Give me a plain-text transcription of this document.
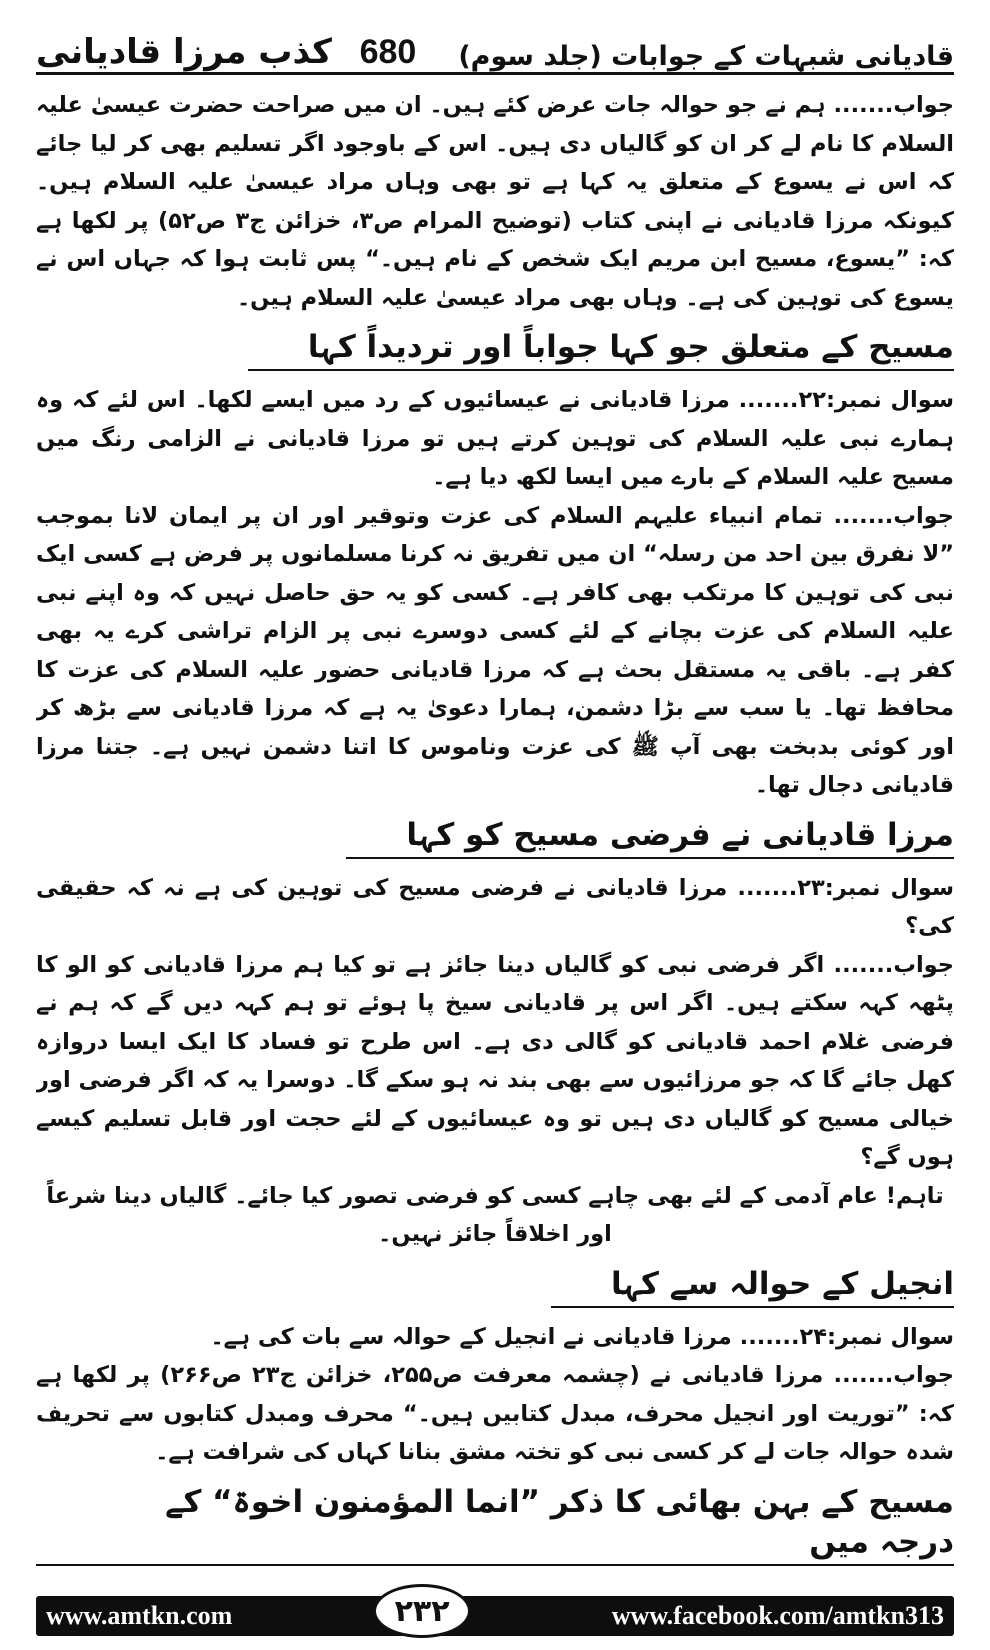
قادیانی شبہات کے جوابات (جلد سوم)
680
کذب مرزا قادیانی

جواب....... ہم نے جو حوالہ جات عرض کئے ہیں۔ ان میں صراحت حضرت عیسیٰ علیہ السلام کا نام لے کر ان کو گالیاں دی ہیں۔ اس کے باوجود اگر تسلیم بھی کر لیا جائے کہ اس نے یسوع کے متعلق یہ کہا ہے تو بھی وہاں مراد عیسیٰ علیہ السلام ہیں۔ کیونکہ مرزا قادیانی نے اپنی کتاب (توضیح المرام ص۳، خزائن ج۳ ص۵۲) پر لکھا ہے کہ: ”یسوع، مسیح ابن مریم ایک شخص کے نام ہیں۔“ پس ثابت ہوا کہ جہاں اس نے یسوع کی توہین کی ہے۔ وہاں بھی مراد عیسیٰ علیہ السلام ہیں۔

مسیح کے متعلق جو کہا جواباً اور تردیداً کہا

سوال نمبر:۲۲....... مرزا قادیانی نے عیسائیوں کے رد میں ایسے لکھا۔ اس لئے کہ وہ ہمارے نبی علیہ السلام کی توہین کرتے ہیں تو مرزا قادیانی نے الزامی رنگ میں مسیح علیہ السلام کے بارے میں ایسا لکھ دیا ہے۔

جواب....... تمام انبیاء علیہم السلام کی عزت وتوقیر اور ان پر ایمان لانا بموجب ”لا نفرق بین احد من رسلہ“ ان میں تفریق نہ کرنا مسلمانوں پر فرض ہے کسی ایک نبی کی توہین کا مرتکب بھی کافر ہے۔ کسی کو یہ حق حاصل نہیں کہ وہ اپنے نبی علیہ السلام کی عزت بچانے کے لئے کسی دوسرے نبی پر الزام تراشی کرے یہ بھی کفر ہے۔ باقی یہ مستقل بحث ہے کہ مرزا قادیانی حضور علیہ السلام کی عزت کا محافظ تھا۔ یا سب سے بڑا دشمن، ہمارا دعویٰ یہ ہے کہ مرزا قادیانی سے بڑھ کر اور کوئی بدبخت بھی آپ ﷺ کی عزت وناموس کا اتنا دشمن نہیں ہے۔ جتنا مرزا قادیانی دجال تھا۔

مرزا قادیانی نے فرضی مسیح کو کہا

سوال نمبر:۲۳....... مرزا قادیانی نے فرضی مسیح کی توہین کی ہے نہ کہ حقیقی کی؟

جواب....... اگر فرضی نبی کو گالیاں دینا جائز ہے تو کیا ہم مرزا قادیانی کو الو کا پٹھہ کہہ سکتے ہیں۔ اگر اس پر قادیانی سیخ پا ہوئے تو ہم کہہ دیں گے کہ ہم نے فرضی غلام احمد قادیانی کو گالی دی ہے۔ اس طرح تو فساد کا ایک ایسا دروازہ کھل جائے گا کہ جو مرزائیوں سے بھی بند نہ ہو سکے گا۔ دوسرا یہ کہ اگر فرضی اور خیالی مسیح کو گالیاں دی ہیں تو وہ عیسائیوں کے لئے حجت اور قابل تسلیم کیسے ہوں گے؟

تاہم! عام آدمی کے لئے بھی چاہے کسی کو فرضی تصور کیا جائے۔ گالیاں دینا شرعاً اور اخلاقاً جائز نہیں۔

انجیل کے حوالہ سے کہا

سوال نمبر:۲۴....... مرزا قادیانی نے انجیل کے حوالہ سے بات کی ہے۔

جواب....... مرزا قادیانی نے (چشمہ معرفت ص۲۵۵، خزائن ج۲۳ ص۲۶۶) پر لکھا ہے کہ: ”توریت اور انجیل محرف، مبدل کتابیں ہیں۔“ محرف ومبدل کتابوں سے تحریف شدہ حوالہ جات لے کر کسی نبی کو تختہ مشق بنانا کہاں کی شرافت ہے۔

مسیح کے بہن بھائی کا ذکر ”انما المؤمنون اخوۃ“ کے درجہ میں

www.amtkn.com	۲۳۲	www.facebook.com/amtkn313
